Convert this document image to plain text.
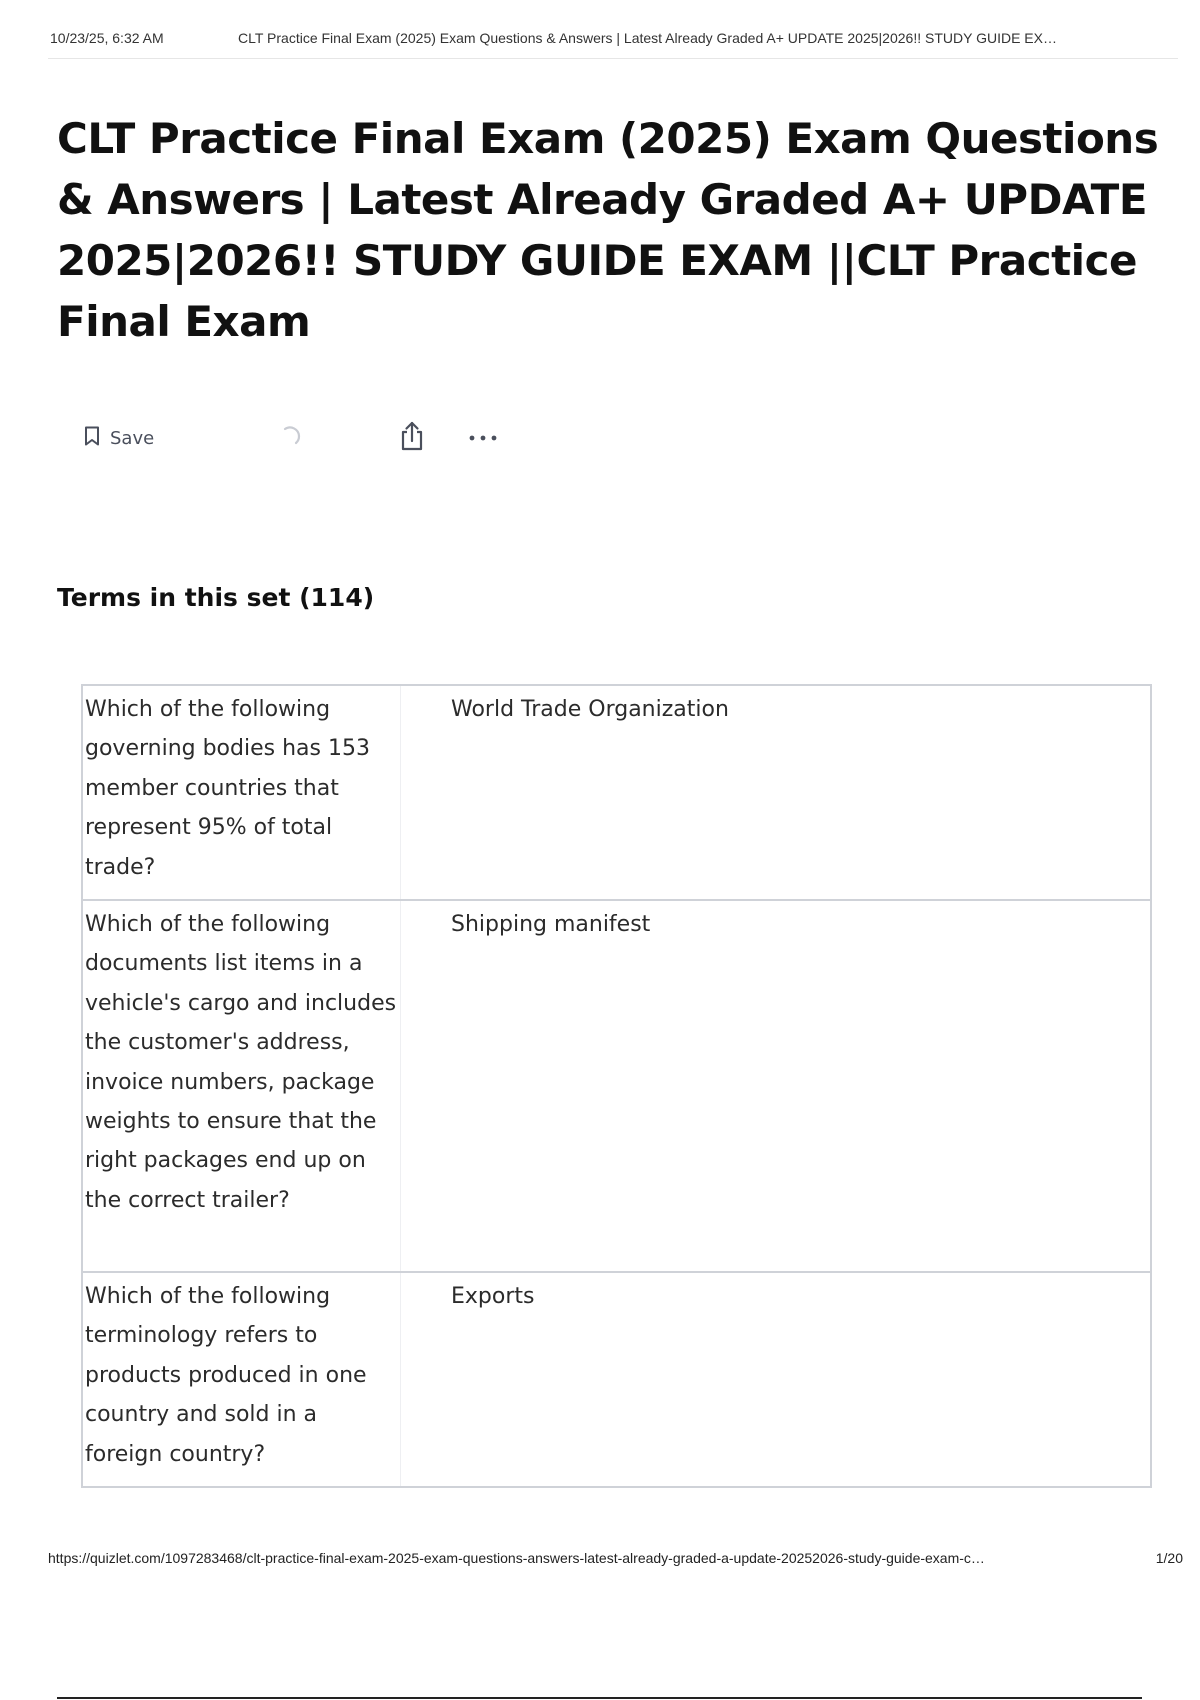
10/23/25, 6:32 AM	CLT Practice Final Exam (2025) Exam Questions & Answers | Latest Already Graded A+ UPDATE 2025|2026!! STUDY GUIDE EX…
CLT Practice Final Exam (2025) Exam Questions & Answers | Latest Already Graded A+ UPDATE 2025|2026!! STUDY GUIDE EXAM ||CLT Practice Final Exam
Save
Terms in this set (114)
Which of the following governing bodies has 153 member countries that represent 95% of total trade?
World Trade Organization
Which of the following documents list items in a vehicle's cargo and includes the customer's address, invoice numbers, package weights to ensure that the right packages end up on the correct trailer?
Shipping manifest
Which of the following terminology refers to products produced in one country and sold in a foreign country?
Exports
https://quizlet.com/1097283468/clt-practice-final-exam-2025-exam-questions-answers-latest-already-graded-a-update-20252026-study-guide-exam-c…	1/20
